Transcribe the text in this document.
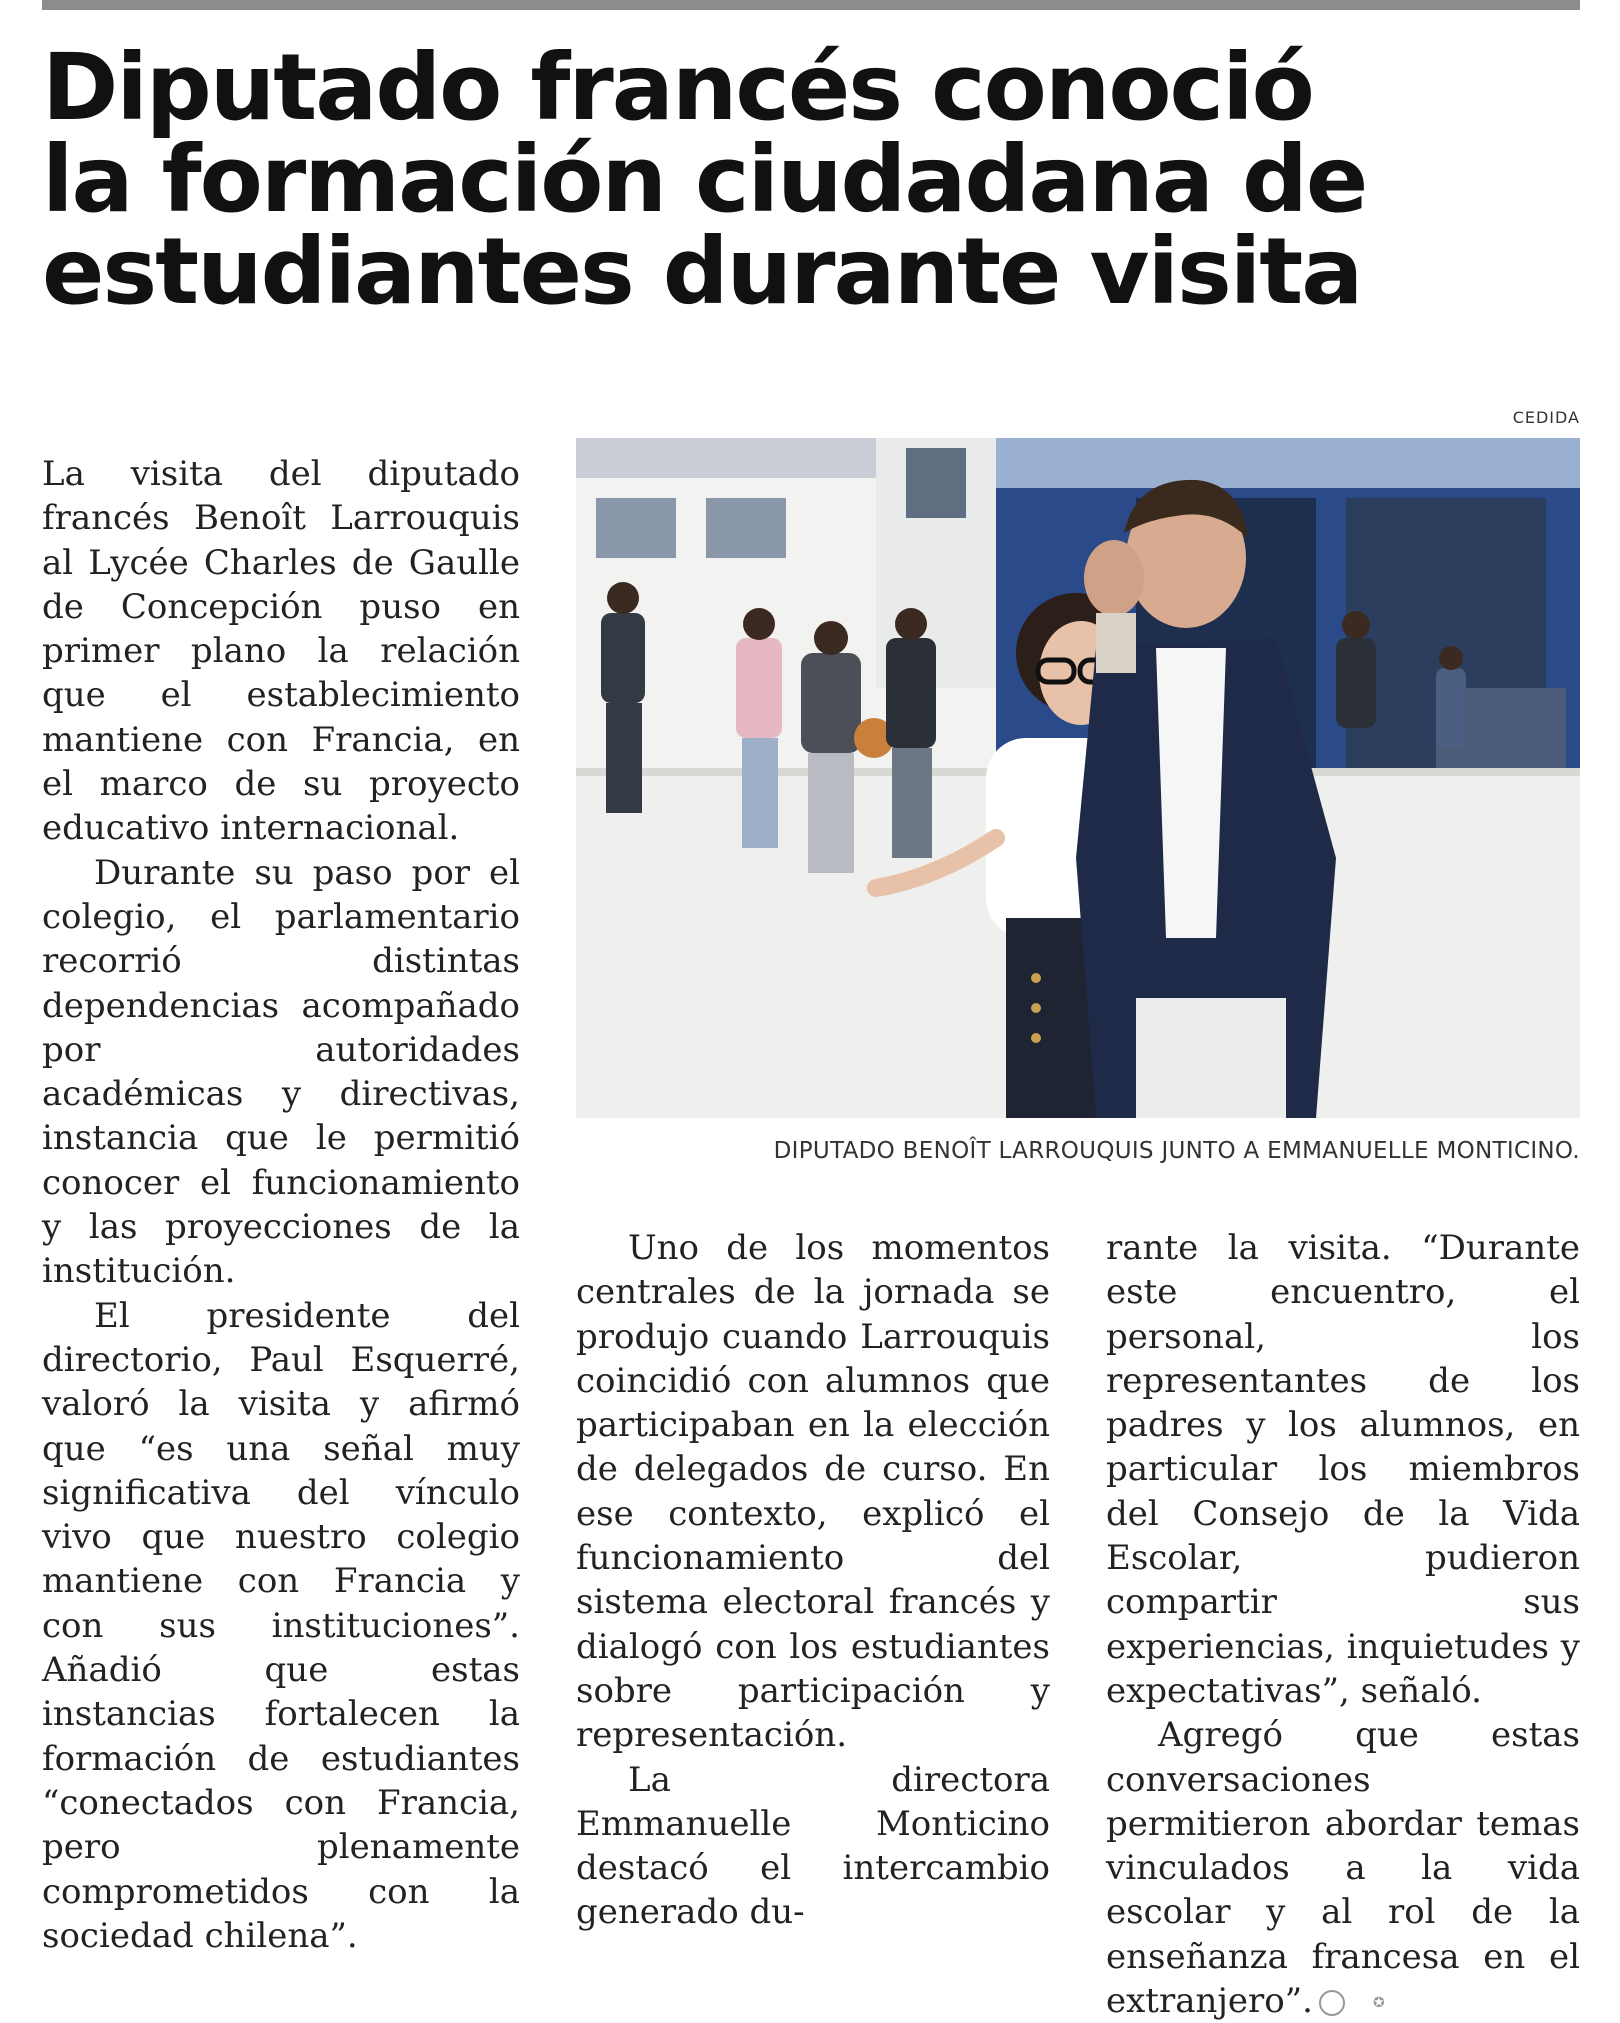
Diputado francés conoció
la formación ciudadana de
estudiantes durante visita
CEDIDA
DIPUTADO BENOÎT LARROUQUIS JUNTO A EMMANUELLE MONTICINO.

La visita del diputado francés Benoît Larrouquis al Lycée Charles de Gaulle de Concepción puso en primer plano la relación que el establecimiento mantiene con Francia, en el marco de su proyecto educativo internacional.

Durante su paso por el colegio, el parlamentario recorrió distintas dependencias acompañado por autoridades académicas y directivas, instancia que le permitió conocer el funcionamiento y las proyecciones de la institución.

El presidente del directorio, Paul Esquerré, valoró la visita y afirmó que “es una señal muy significativa del vínculo vivo que nuestro colegio mantiene con Francia y con sus instituciones”. Añadió que estas instancias fortalecen la formación de estudiantes “conectados con Francia, pero plenamente comprometidos con la sociedad chilena”.

Uno de los momentos centrales de la jornada se produjo cuando Larrouquis coincidió con alumnos que participaban en la elección de delegados de curso. En ese contexto, explicó el funcionamiento del sistema electoral francés y dialogó con los estudiantes sobre participación y representación.

La directora Emmanuelle Monticino destacó el intercambio generado du-

rante la visita. “Durante este encuentro, el personal, los representantes de los padres y los alumnos, en particular los miembros del Consejo de la Vida Escolar, pudieron compartir sus experiencias, inquietudes y expectativas”, señaló.

Agregó que estas conversaciones permitieron abordar temas vinculados a la vida escolar y al rol de la enseñanza francesa en el extranjero”.	✪
